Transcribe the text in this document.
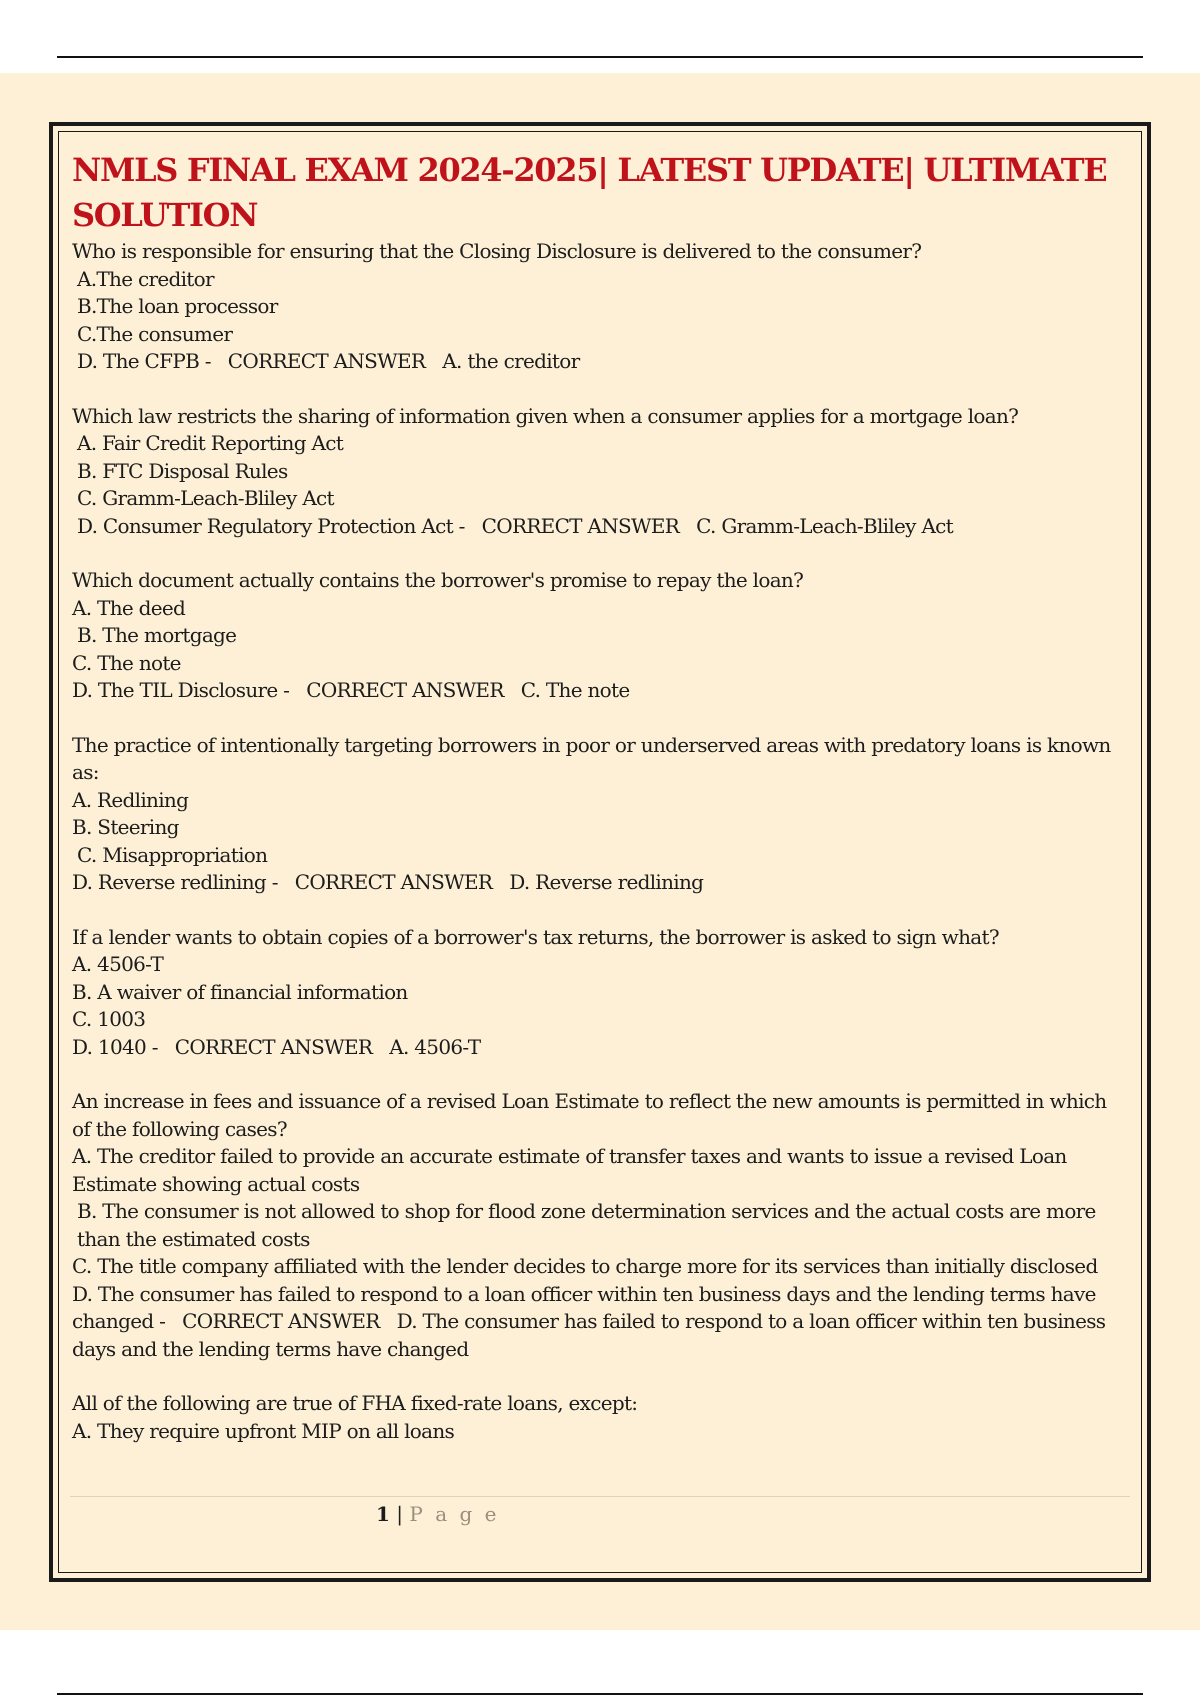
NMLS FINAL EXAM 2024-2025| LATEST UPDATE| ULTIMATE SOLUTION

Who is responsible for ensuring that the Closing Disclosure is delivered to the consumer?

A.The creditor

B.The loan processor

C.The consumer

D. The CFPB - CORRECT ANSWER A. the creditor

Which law restricts the sharing of information given when a consumer applies for a mortgage loan?

A. Fair Credit Reporting Act

B. FTC Disposal Rules

C. Gramm-Leach-Bliley Act

D. Consumer Regulatory Protection Act - CORRECT ANSWER C. Gramm-Leach-Bliley Act

Which document actually contains the borrower's promise to repay the loan?

A. The deed

B. The mortgage

C. The note

D. The TIL Disclosure - CORRECT ANSWER C. The note

The practice of intentionally targeting borrowers in poor or underserved areas with predatory loans is known as:

A. Redlining

B. Steering

C. Misappropriation

D. Reverse redlining - CORRECT ANSWER D. Reverse redlining

If a lender wants to obtain copies of a borrower's tax returns, the borrower is asked to sign what?

A. 4506-T

B. A waiver of financial information

C. 1003

D. 1040 - CORRECT ANSWER A. 4506-T

An increase in fees and issuance of a revised Loan Estimate to reflect the new amounts is permitted in which of the following cases?

A. The creditor failed to provide an accurate estimate of transfer taxes and wants to issue a revised Loan Estimate showing actual costs

B. The consumer is not allowed to shop for flood zone determination services and the actual costs are more than the estimated costs

C. The title company affiliated with the lender decides to charge more for its services than initially disclosed

D. The consumer has failed to respond to a loan officer within ten business days and the lending terms have changed - CORRECT ANSWER D. The consumer has failed to respond to a loan officer within ten business days and the lending terms have changed

All of the following are true of FHA fixed-rate loans, except:

A. They require upfront MIP on all loans

1 | P a g e
